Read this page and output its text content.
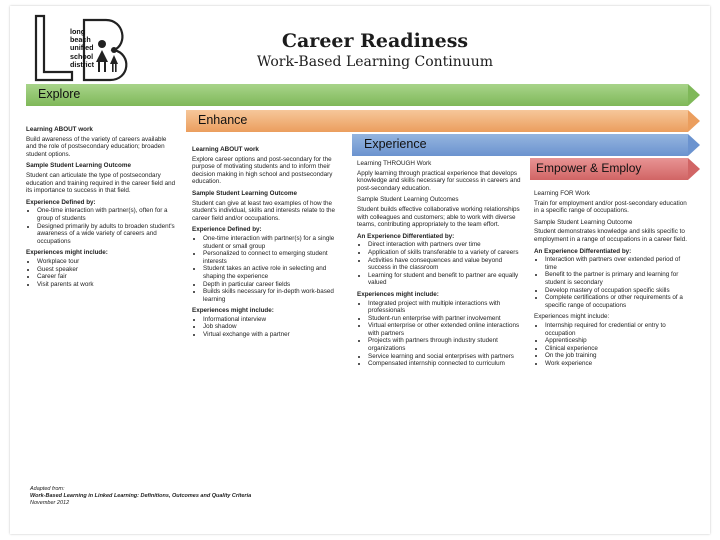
long
beach
unified
school
district
Career Readiness
Work-Based Learning Continuum
Explore
Enhance
Experience
Empower & Employ
Learning ABOUT work
Build awareness of the variety of careers available and the role of postsecondary education; broaden student options.
Sample Student Learning Outcome
Student can articulate the type of postsecondary education and training required in the career field and its importance to success in that field.
Experience Defined by:
• One-time interaction with partner(s), often for a group of students
• Designed primarily by adults to broaden student's awareness of a wide variety of careers and occupations
Experiences might include:
• Workplace tour
• Guest speaker
• Career fair
• Visit parents at work
Learning ABOUT work
Explore career options and post-secondary for the purpose of motivating students and to inform their decision making in high school and postsecondary education.
Sample Student Learning Outcome
Student can give at least two examples of how the student's individual, skills and interests relate to the career field and/or occupations.
Experience Defined by:
• One-time interaction with partner(s) for a single student or small group
• Personalized to connect to emerging student interests
• Student takes an active role in selecting and shaping the experience
• Depth in particular career fields
• Builds skills necessary for in-depth work-based learning
Experiences might include:
• Informational interview
• Job shadow
• Virtual exchange with a partner
Learning THROUGH Work
Apply learning through practical experience that develops knowledge and skills necessary for success in careers and post-secondary education.
Sample Student Learning Outcomes
Student builds effective collaborative working relationships with colleagues and customers; able to work with diverse teams, contributing appropriately to the team effort.
An Experience Differentiated by:
• Direct interaction with partners over time
• Application of skills transferable to a variety of careers
• Activities have consequences and value beyond success in the classroom
• Learning for student and benefit to partner are equally valued
Experiences might include:
• Integrated project with multiple interactions with professionals
• Student-run enterprise with partner involvement
• Virtual enterprise or other extended online interactions with partners
• Projects with partners through industry student organizations
• Service learning and social enterprises with partners
• Compensated internship connected to curriculum
Learning FOR Work
Train for employment and/or post-secondary education in a specific range of occupations.
Sample Student Learning Outcome
Student demonstrates knowledge and skills specific to employment in a range of occupations in a career field.
An Experience Differentiated by:
• Interaction with partners over extended period of time
• Benefit to the partner is primary and learning for student is secondary
• Develop mastery of occupation specific skills
• Complete certifications or other requirements of a specific range of occupations
Experiences might include:
• Internship required for credential or entry to occupation
• Apprenticeship
• Clinical experience
• On the job training
• Work experience
Adapted from:
Work-Based Learning in Linked Learning: Definitions, Outcomes and Quality Criteria
November 2012
